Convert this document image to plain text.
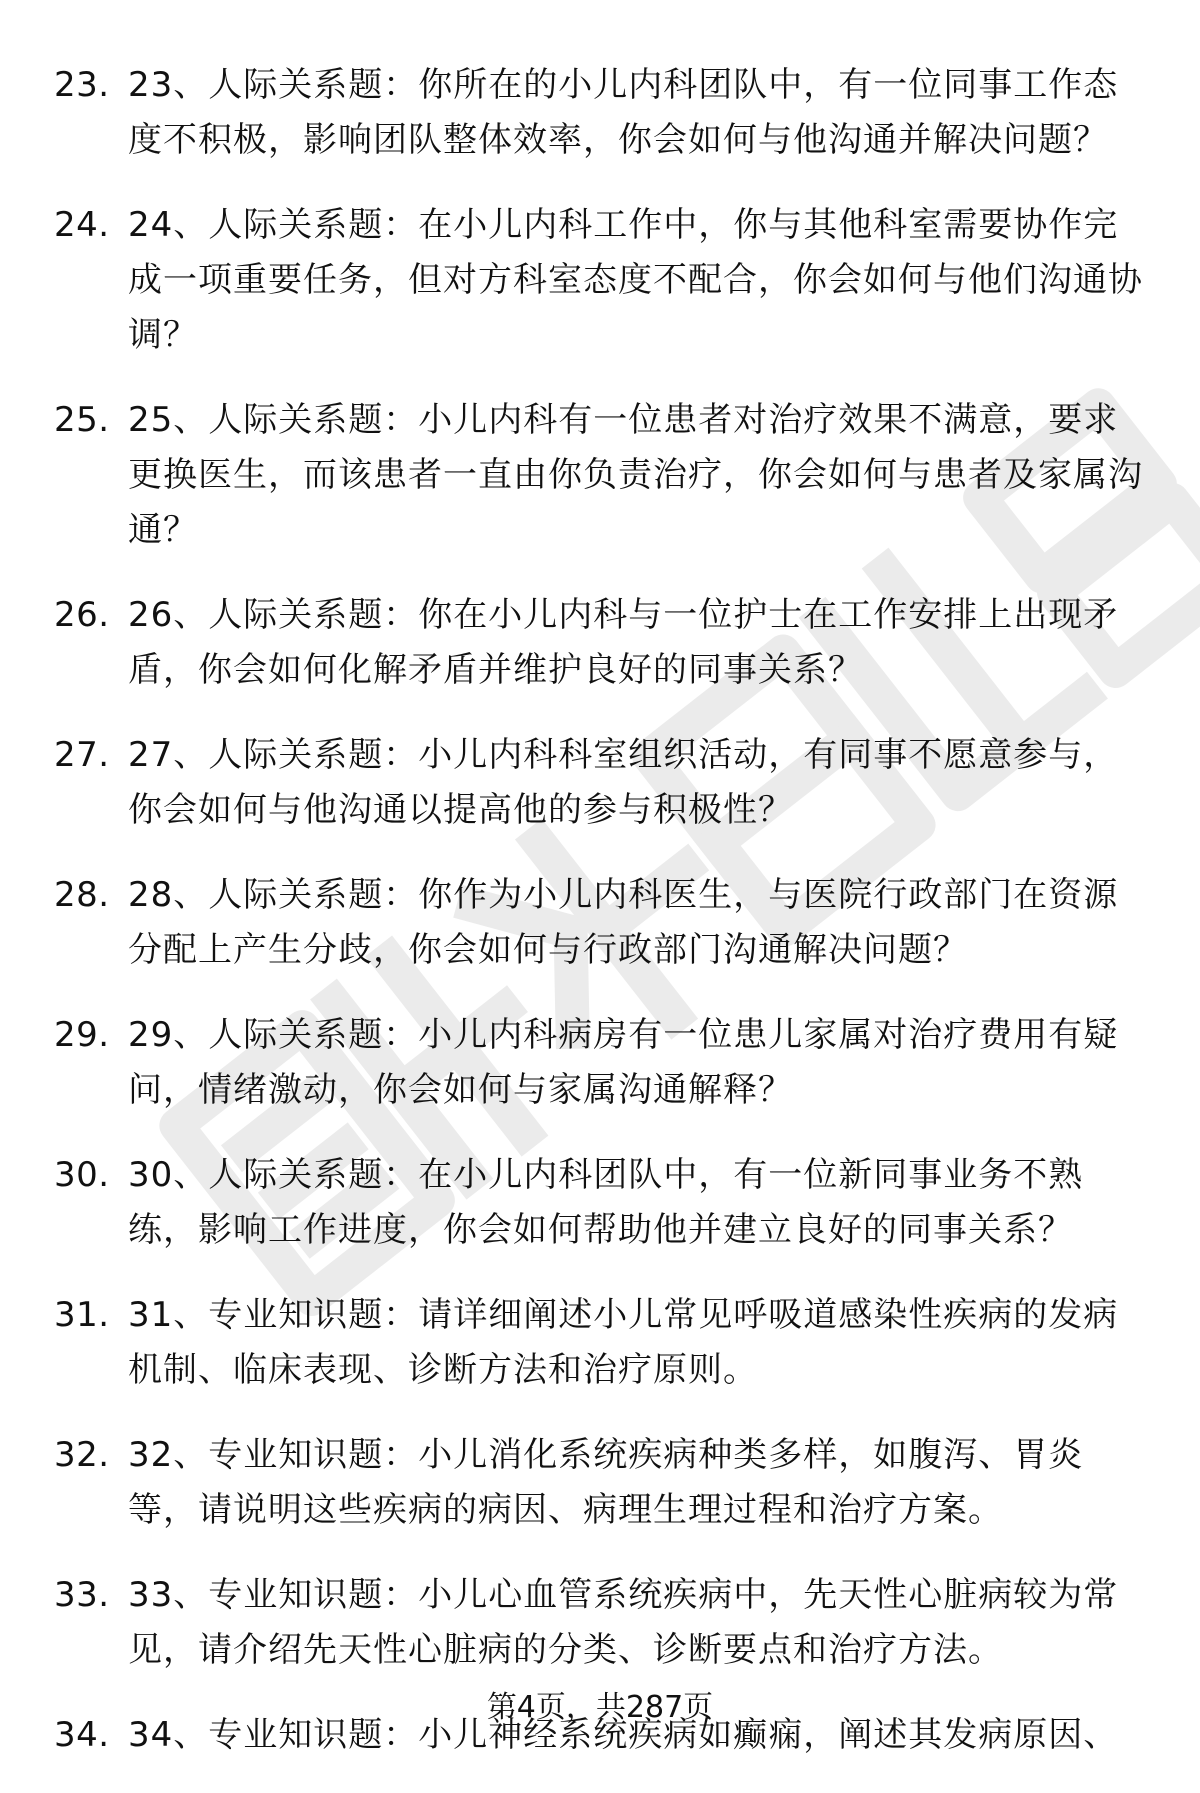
23. 23、人际关系题：你所在的小儿内科团队中，有一位同事工作态度不积极，影响团队整体效率，你会如何与他沟通并解决问题？
24. 24、人际关系题：在小儿内科工作中，你与其他科室需要协作完成一项重要任务，但对方科室态度不配合，你会如何与他们沟通协调？
25. 25、人际关系题：小儿内科有一位患者对治疗效果不满意，要求更换医生，而该患者一直由你负责治疗，你会如何与患者及家属沟通？
26. 26、人际关系题：你在小儿内科与一位护士在工作安排上出现矛盾，你会如何化解矛盾并维护良好的同事关系？
27. 27、人际关系题：小儿内科科室组织活动，有同事不愿意参与，你会如何与他沟通以提高他的参与积极性？
28. 28、人际关系题：你作为小儿内科医生，与医院行政部门在资源分配上产生分歧，你会如何与行政部门沟通解决问题？
29. 29、人际关系题：小儿内科病房有一位患儿家属对治疗费用有疑问，情绪激动，你会如何与家属沟通解释？
30. 30、人际关系题：在小儿内科团队中，有一位新同事业务不熟练，影响工作进度，你会如何帮助他并建立良好的同事关系？
31. 31、专业知识题：请详细阐述小儿常见呼吸道感染性疾病的发病机制、临床表现、诊断方法和治疗原则。
32. 32、专业知识题：小儿消化系统疾病种类多样，如腹泻、胃炎等，请说明这些疾病的病因、病理生理过程和治疗方案。
33. 33、专业知识题：小儿心血管系统疾病中，先天性心脏病较为常见，请介绍先天性心脏病的分类、诊断要点和治疗方法。
34. 34、专业知识题：小儿神经系统疾病如癫痫，阐述其发病原因、
第4页，共287页
